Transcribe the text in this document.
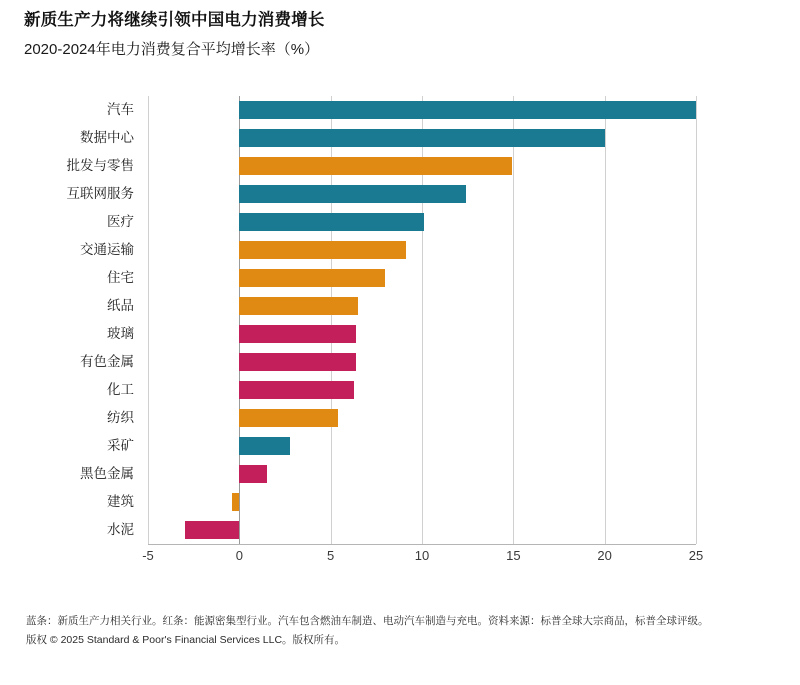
新质生产力将继续引领中国电力消费增长
2020-2024年电力消费复合平均增长率（%）
汽车
数据中心
批发与零售
互联网服务
医疗
交通运输
住宅
纸品
玻璃
有色金属
化工
纺织
采矿
黑色金属
建筑
水泥
-5	0	5	10	15	20	25
蓝条：新质生产力相关行业。红条：能源密集型行业。汽车包含燃油车制造、电动汽车制造与充电。资料来源：标普全球大宗商品，标普全球评级。
版权 © 2025 Standard & Poor's Financial Services LLC。版权所有。
